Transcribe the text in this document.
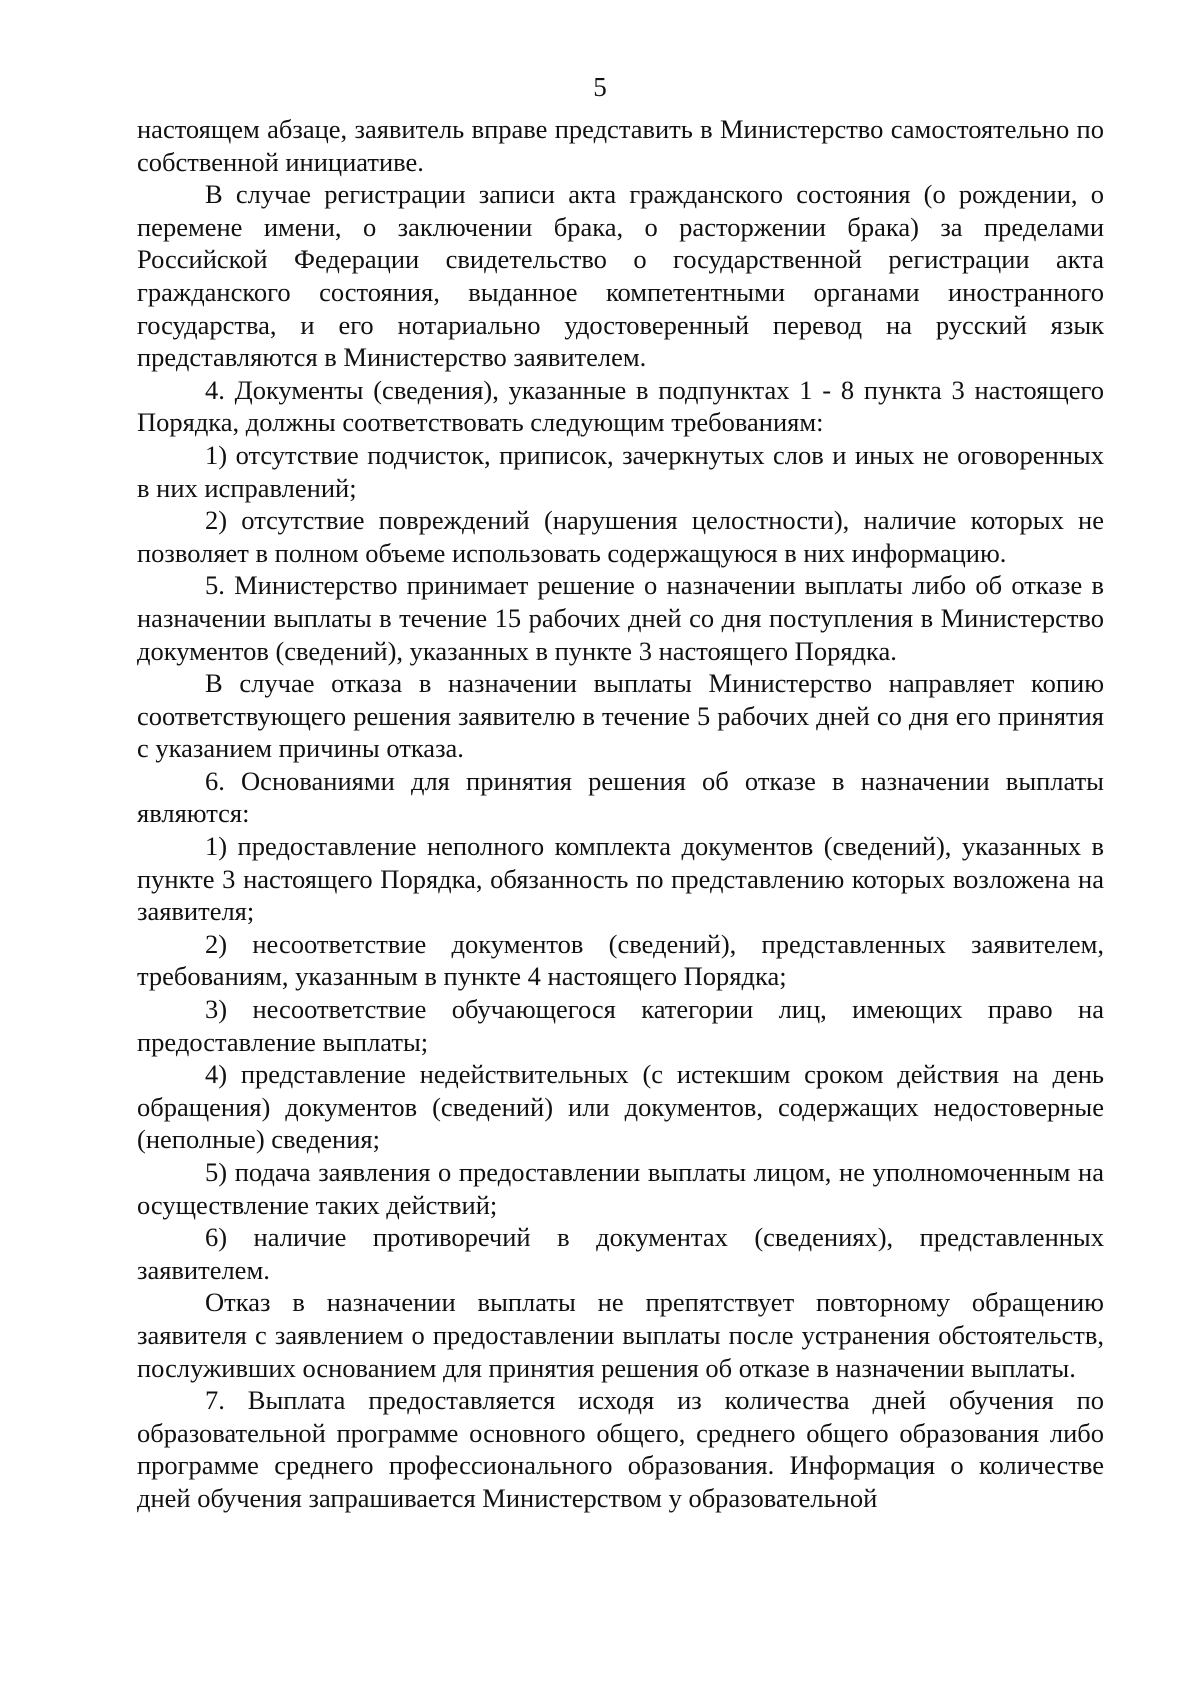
5

настоящем абзаце, заявитель вправе представить в Министерство самостоятельно по собственной инициативе.

В случае регистрации записи акта гражданского состояния (о рождении, о перемене имени, о заключении брака, о расторжении брака) за пределами Российской Федерации свидетельство о государственной регистрации акта гражданского состояния, выданное компетентными органами иностранного государства, и его нотариально удостоверенный перевод на русский язык представляются в Министерство заявителем.

4. Документы (сведения), указанные в подпунктах 1 - 8 пункта 3 настоящего Порядка, должны соответствовать следующим требованиям:

1) отсутствие подчисток, приписок, зачеркнутых слов и иных не оговоренных в них исправлений;

2) отсутствие повреждений (нарушения целостности), наличие которых не позволяет в полном объеме использовать содержащуюся в них информацию.

5. Министерство принимает решение о назначении выплаты либо об отказе в назначении выплаты в течение 15 рабочих дней со дня поступления в Министерство документов (сведений), указанных в пункте 3 настоящего Порядка.

В случае отказа в назначении выплаты Министерство направляет копию соответствующего решения заявителю в течение 5 рабочих дней со дня его принятия с указанием причины отказа.

6. Основаниями для принятия решения об отказе в назначении выплаты являются:

1) предоставление неполного комплекта документов (сведений), указанных в пункте 3 настоящего Порядка, обязанность по представлению которых возложена на заявителя;

2) несоответствие документов (сведений), представленных заявителем, требованиям, указанным в пункте 4 настоящего Порядка;

3) несоответствие обучающегося категории лиц, имеющих право на предоставление выплаты;

4) представление недействительных (с истекшим сроком действия на день обращения) документов (сведений) или документов, содержащих недостоверные (неполные) сведения;

5) подача заявления о предоставлении выплаты лицом, не уполномоченным на осуществление таких действий;

6) наличие противоречий в документах (сведениях), представленных заявителем.

Отказ в назначении выплаты не препятствует повторному обращению заявителя с заявлением о предоставлении выплаты после устранения обстоятельств, послуживших основанием для принятия решения об отказе в назначении выплаты.

7. Выплата предоставляется исходя из количества дней обучения по образовательной программе основного общего, среднего общего образования либо программе среднего профессионального образования. Информация о количестве дней обучения запрашивается Министерством у образовательной
